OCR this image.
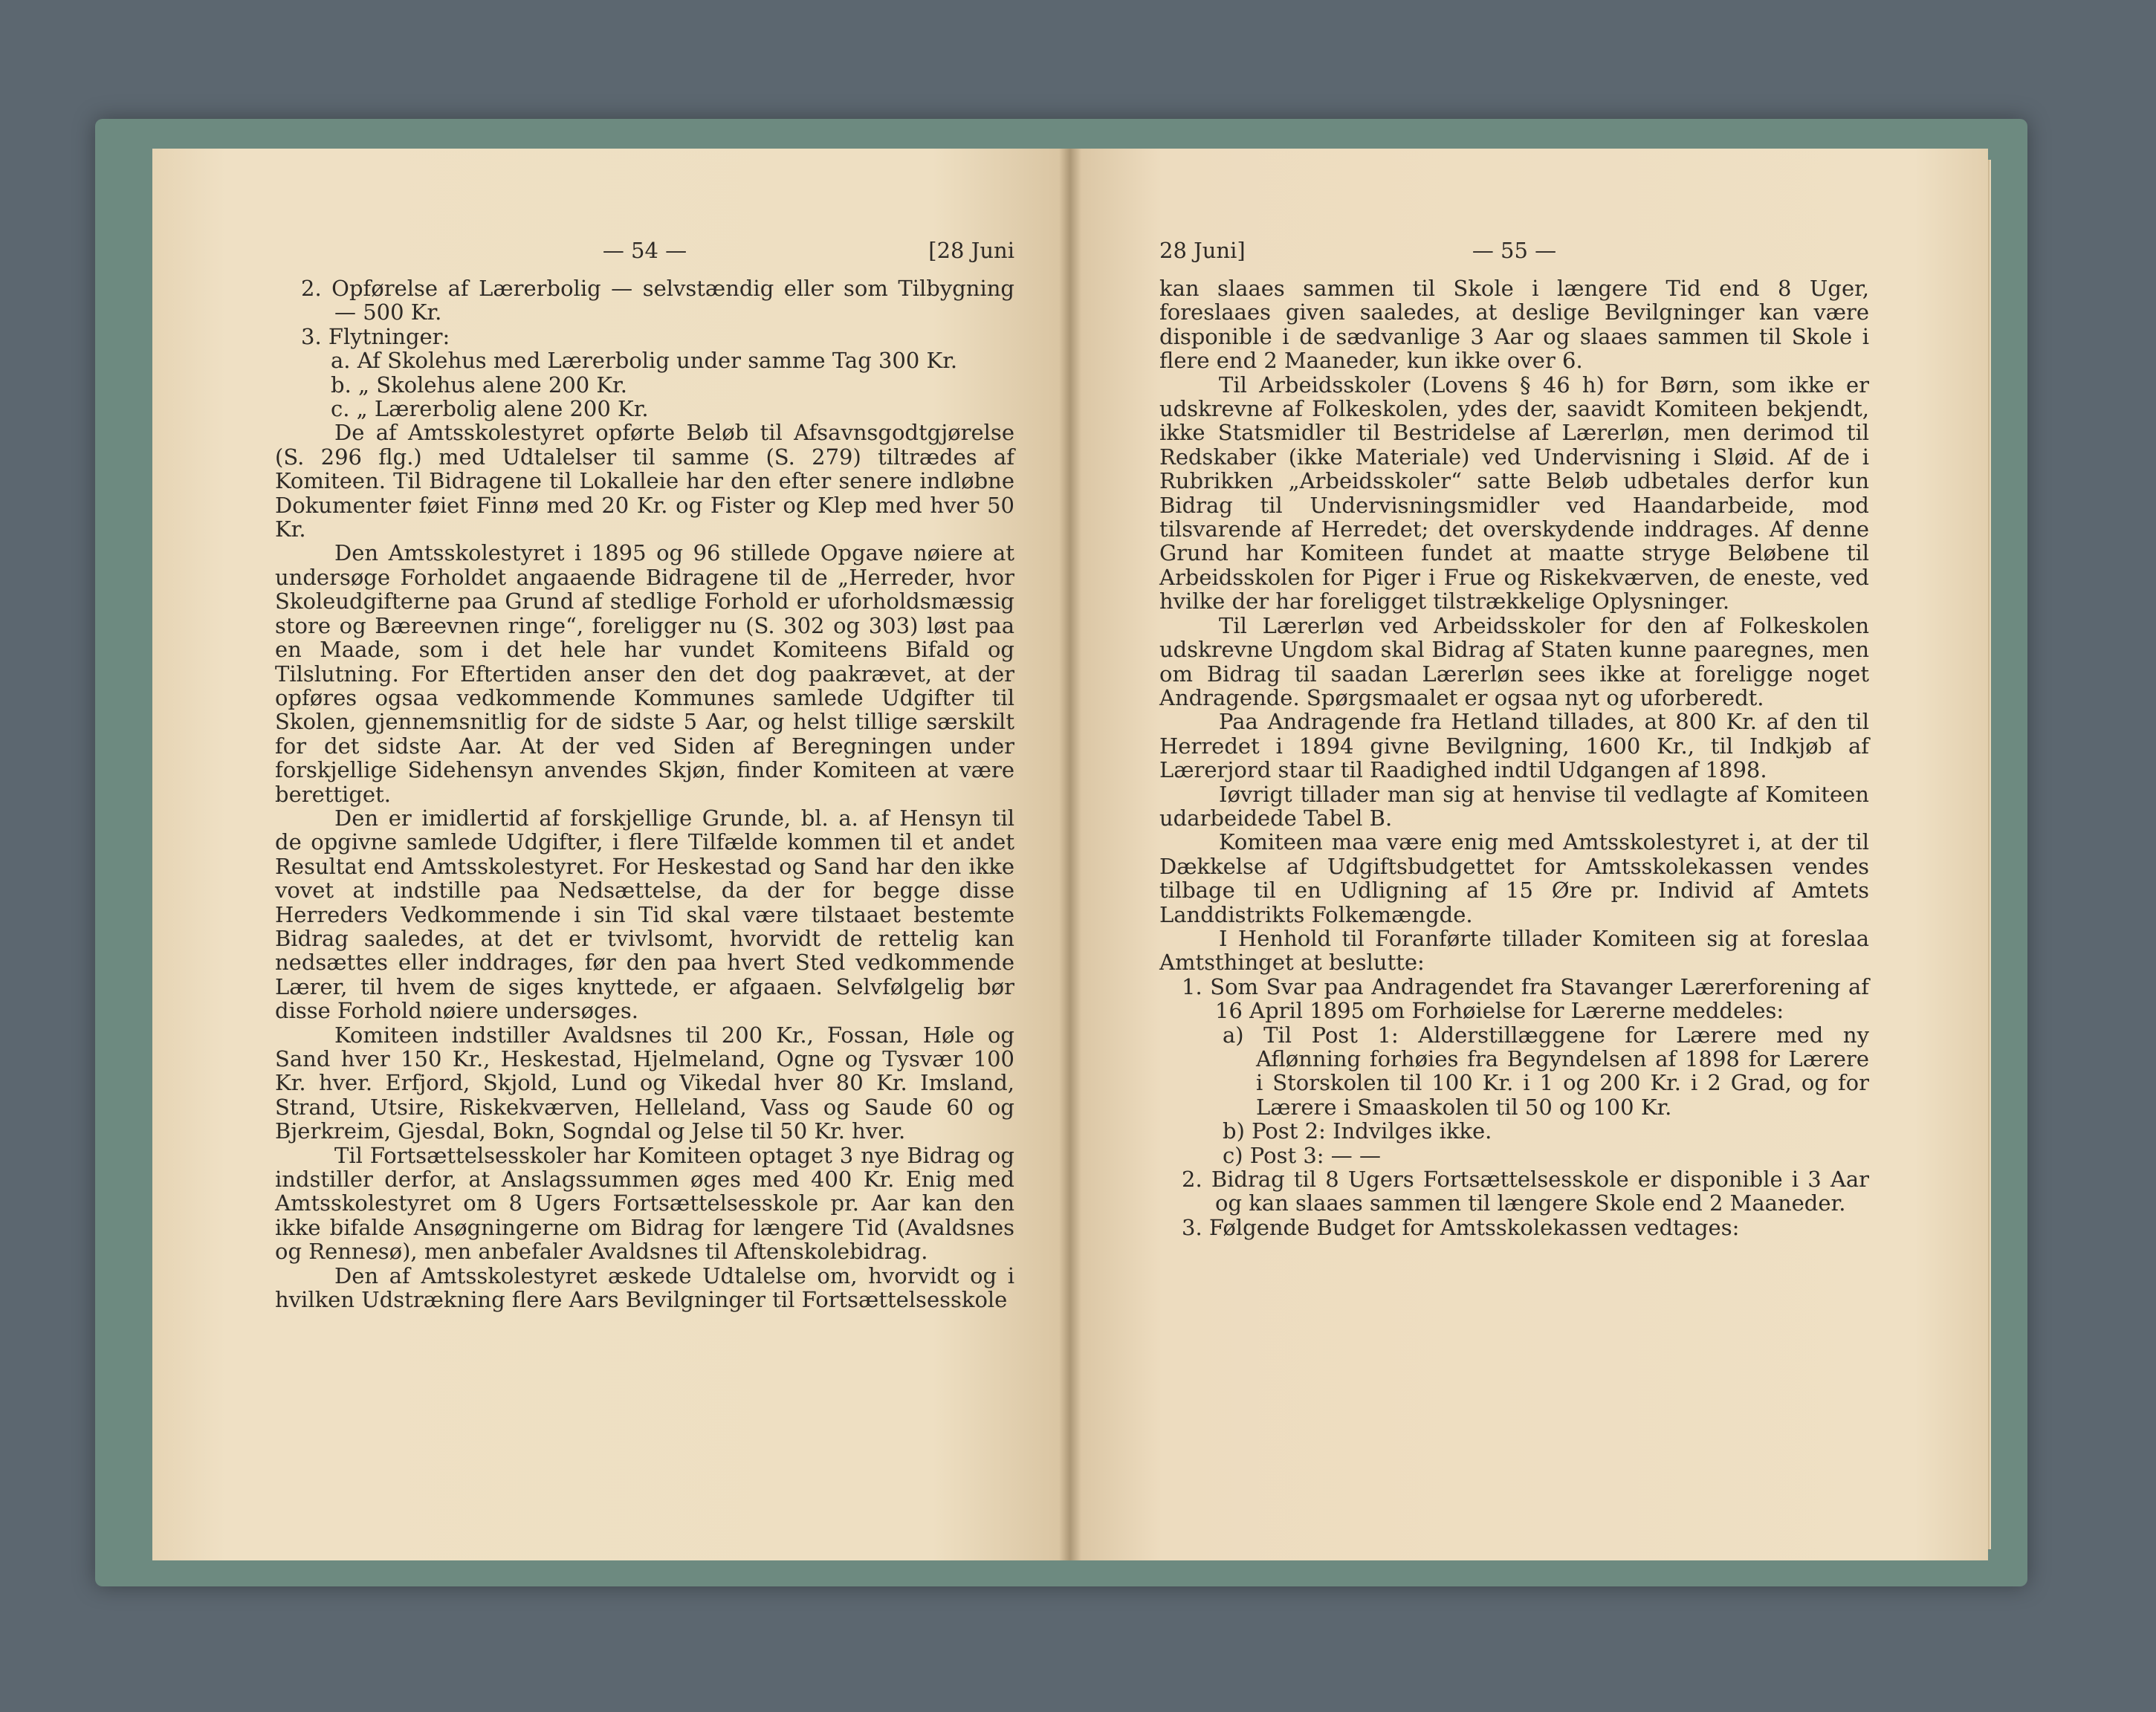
— 54 —	[28 Juni

2. Opførelse af Lærerbolig — selvstændig eller som Tilbygning — 500 Kr.

3. Flytninger:

a. Af Skolehus med Lærerbolig under samme Tag 300 Kr.

b. „ Skolehus alene 200 Kr.

c. „ Lærerbolig alene 200 Kr.

De af Amtsskolestyret opførte Beløb til Afsavnsgodtgjørelse (S. 296 flg.) med Udtalelser til samme (S. 279) tiltrædes af Komiteen. Til Bidragene til Lokalleie har den efter senere indløbne Dokumenter føiet Finnø med 20 Kr. og Fister og Klep med hver 50 Kr.

Den Amtsskolestyret i 1895 og 96 stillede Opgave nøiere at undersøge Forholdet angaaende Bidragene til de „Herreder, hvor Skoleudgifterne paa Grund af stedlige Forhold er uforholdsmæssig store og Bæreevnen ringe“, foreligger nu (S. 302 og 303) løst paa en Maade, som i det hele har vundet Komiteens Bifald og Tilslutning. For Eftertiden anser den det dog paakrævet, at der opføres ogsaa vedkommende Kommunes samlede Udgifter til Skolen, gjennemsnitlig for de sidste 5 Aar, og helst tillige særskilt for det sidste Aar. At der ved Siden af Beregningen under forskjellige Sidehensyn anvendes Skjøn, finder Komiteen at være berettiget.

Den er imidlertid af forskjellige Grunde, bl. a. af Hensyn til de opgivne samlede Udgifter, i flere Tilfælde kommen til et andet Resultat end Amtsskolestyret. For Heskestad og Sand har den ikke vovet at indstille paa Nedsættelse, da der for begge disse Herreders Vedkommende i sin Tid skal være tilstaaet bestemte Bidrag saaledes, at det er tvivlsomt, hvorvidt de rettelig kan nedsættes eller inddrages, før den paa hvert Sted vedkommende Lærer, til hvem de siges knyttede, er afgaaen. Selvfølgelig bør disse Forhold nøiere undersøges.

Komiteen indstiller Avaldsnes til 200 Kr., Fossan, Høle og Sand hver 150 Kr., Heskestad, Hjelmeland, Ogne og Tysvær 100 Kr. hver. Erfjord, Skjold, Lund og Vikedal hver 80 Kr. Imsland, Strand, Utsire, Riskekværven, Helleland, Vass og Saude 60 og Bjerkreim, Gjesdal, Bokn, Sogndal og Jelse til 50 Kr. hver.

Til Fortsættelsesskoler har Komiteen optaget 3 nye Bidrag og indstiller derfor, at Anslagssummen øges med 400 Kr. Enig med Amtsskolestyret om 8 Ugers Fortsættelsesskole pr. Aar kan den ikke bifalde Ansøgningerne om Bidrag for længere Tid (Avaldsnes og Rennesø), men anbefaler Avaldsnes til Aftenskolebidrag.

Den af Amtsskolestyret æskede Udtalelse om, hvorvidt og i hvilken Udstrækning flere Aars Bevilgninger til Fortsættelsesskole

28 Juni]	— 55 —

kan slaaes sammen til Skole i længere Tid end 8 Uger, foreslaaes given saaledes, at deslige Bevilgninger kan være disponible i de sædvanlige 3 Aar og slaaes sammen til Skole i flere end 2 Maaneder, kun ikke over 6.

Til Arbeidsskoler (Lovens § 46 h) for Børn, som ikke er udskrevne af Folkeskolen, ydes der, saavidt Komiteen bekjendt, ikke Statsmidler til Bestridelse af Lærerløn, men derimod til Redskaber (ikke Materiale) ved Undervisning i Sløid. Af de i Rubrikken „Arbeidsskoler“ satte Beløb udbetales derfor kun Bidrag til Undervisningsmidler ved Haandarbeide, mod tilsvarende af Herredet; det overskydende inddrages. Af denne Grund har Komiteen fundet at maatte stryge Beløbene til Arbeidsskolen for Piger i Frue og Riskekværven, de eneste, ved hvilke der har foreligget tilstrækkelige Oplysninger.

Til Lærerløn ved Arbeidsskoler for den af Folkeskolen udskrevne Ungdom skal Bidrag af Staten kunne paaregnes, men om Bidrag til saadan Lærerløn sees ikke at foreligge noget Andragende. Spørgsmaalet er ogsaa nyt og uforberedt.

Paa Andragende fra Hetland tillades, at 800 Kr. af den til Herredet i 1894 givne Bevilgning, 1600 Kr., til Indkjøb af Lærerjord staar til Raadighed indtil Udgangen af 1898.

Iøvrigt tillader man sig at henvise til vedlagte af Komiteen udarbeidede Tabel B.

Komiteen maa være enig med Amtsskolestyret i, at der til Dækkelse af Udgiftsbudgettet for Amtsskolekassen vendes tilbage til en Udligning af 15 Øre pr. Individ af Amtets Landdistrikts Folkemængde.

I Henhold til Foranførte tillader Komiteen sig at foreslaa Amtsthinget at beslutte:

1. Som Svar paa Andragendet fra Stavanger Lærerforening af 16 April 1895 om Forhøielse for Lærerne meddeles:

a) Til Post 1: Alderstillæggene for Lærere med ny Aflønning forhøies fra Begyndelsen af 1898 for Lærere i Storskolen til 100 Kr. i 1 og 200 Kr. i 2 Grad, og for Lærere i Smaaskolen til 50 og 100 Kr.

b) Post 2: Indvilges ikke.

c) Post 3: — —

2. Bidrag til 8 Ugers Fortsættelsesskole er disponible i 3 Aar og kan slaaes sammen til længere Skole end 2 Maaneder.

3. Følgende Budget for Amtsskolekassen vedtages:
